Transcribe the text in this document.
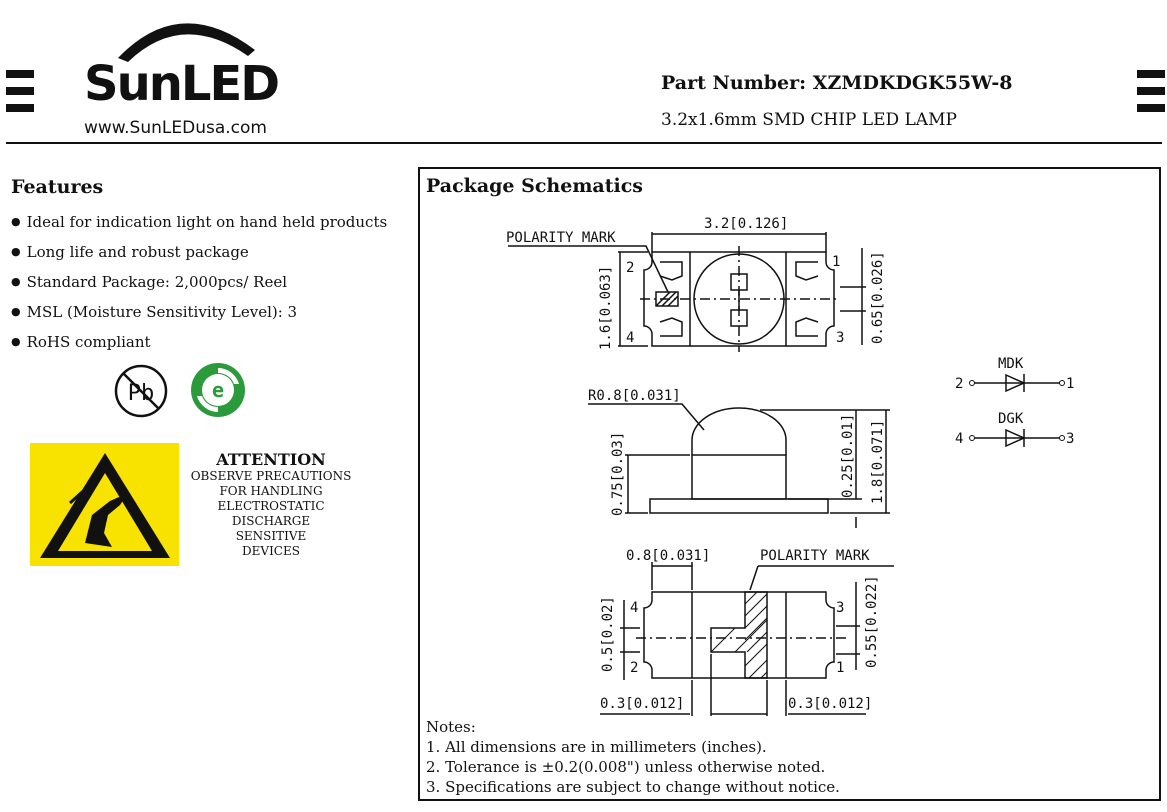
SunLED
www.SunLEDusa.com
Part Number: XZMDKDGK55W-8
3.2x1.6mm SMD CHIP LED LAMP
Features
● Ideal for indication light on hand held products
● Long life and robust package
● Standard Package: 2,000pcs/ Reel
● MSL (Moisture Sensitivity Level): 3
● RoHS compliant
Pb	e
ATTENTION
OBSERVE PRECAUTIONS
FOR HANDLING
ELECTROSTATIC
DISCHARGE
SENSITIVE
DEVICES
Package Schematics
POLARITY MARK
3.2[0.126]
1.6[0.063]	0.65[0.026]
2	1
4	3
R0.8[0.031]
0.75[0.03]	0.25[0.01] 1.8[0.071]
0.8[0.031]	POLARITY MARK
0.5[0.02]	0.55[0.022]
0.3[0.012]	0.3[0.012]
4	3
2	1
MDK
2	1
DGK
4	3
Notes:
1. All dimensions are in millimeters (inches).
2. Tolerance is ±0.2(0.008") unless otherwise noted.
3. Specifications are subject to change without notice.
